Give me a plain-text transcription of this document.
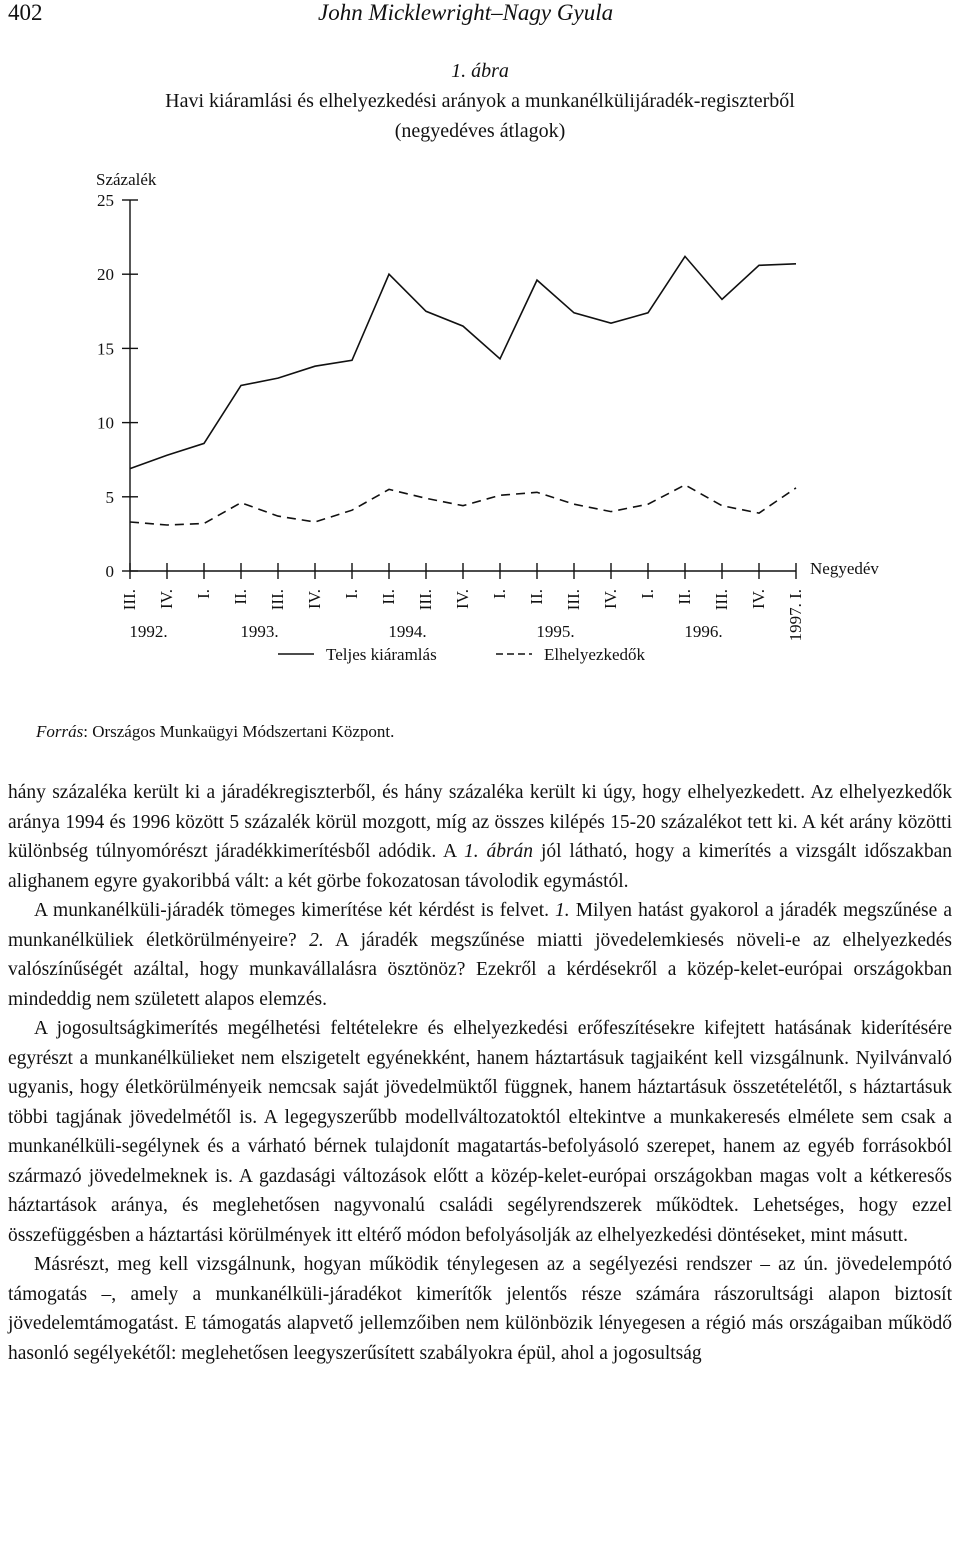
402	John Micklewright–Nagy Gyula
1. ábra
Havi kiáramlási és elhelyezkedési arányok a munkanélkülijáradék-regiszterből
(negyedéves átlagok)
Százalék
0
5
10
15
20
25
III. IV. I. II. III. IV. I. II. III. IV. I. II. III. IV. I. II. III. IV. 1997. I.
Negyedév
1992.	1993.	1994.	1995.	1996.
Teljes kiáramlás	Elhelyezkedők
Forrás: Országos Munkaügyi Módszertani Központ.

hány százaléka került ki a járadékregiszterből, és hány százaléka került ki úgy, hogy elhelyezkedett. Az elhelyezkedők aránya 1994 és 1996 között 5 százalék körül mozgott, míg az összes kilépés 15-20 százalékot tett ki. A két arány közötti különbség túlnyomórészt járadékkimerítésből adódik. A 1. ábrán jól látható, hogy a kimerítés a vizsgált időszakban alighanem egyre gyakoribbá vált: a két görbe fokozatosan távolodik egymástól.

A munkanélküli-járadék tömeges kimerítése két kérdést is felvet. 1. Milyen hatást gyakorol a járadék megszűnése a munkanélküliek életkörülményeire? 2. A járadék megszűnése miatti jövedelemkiesés növeli-e az elhelyezkedés valószínűségét azáltal, hogy munkavállalásra ösztönöz? Ezekről a kérdésekről a közép-kelet-európai országokban mindeddig nem született alapos elemzés.

A jogosultságkimerítés megélhetési feltételekre és elhelyezkedési erőfeszítésekre kifejtett hatásának kiderítésére egyrészt a munkanélkülieket nem elszigetelt egyénekként, hanem háztartásuk tagjaiként kell vizsgálnunk. Nyilvánvaló ugyanis, hogy életkörülményeik nemcsak saját jövedelmüktől függnek, hanem háztartásuk összetételétől, s háztartásuk többi tagjának jövedelmétől is. A legegyszerűbb modellváltozatoktól eltekintve a munkakeresés elmélete sem csak a munkanélküli-segélynek és a várható bérnek tulajdonít magatartás-befolyásoló szerepet, hanem az egyéb forrásokból származó jövedelmeknek is. A gazdasági változások előtt a közép-kelet-európai országokban magas volt a kétkeresős háztartások aránya, és meglehetősen nagyvonalú családi segélyrendszerek működtek. Lehetséges, hogy ezzel összefüggésben a háztartási körülmények itt eltérő módon befolyásolják az elhelyezkedési döntéseket, mint másutt.

Másrészt, meg kell vizsgálnunk, hogyan működik ténylegesen az a segélyezési rendszer – az ún. jövedelempótó támogatás –, amely a munkanélküli-járadékot kimerítők jelentős része számára rászorultsági alapon biztosít jövedelemtámogatást. E támogatás alapvető jellemzőiben nem különbözik lényegesen a régió más országaiban működő hasonló segélyekétől: meglehetősen leegyszerűsített szabályokra épül, ahol a jogosultság
